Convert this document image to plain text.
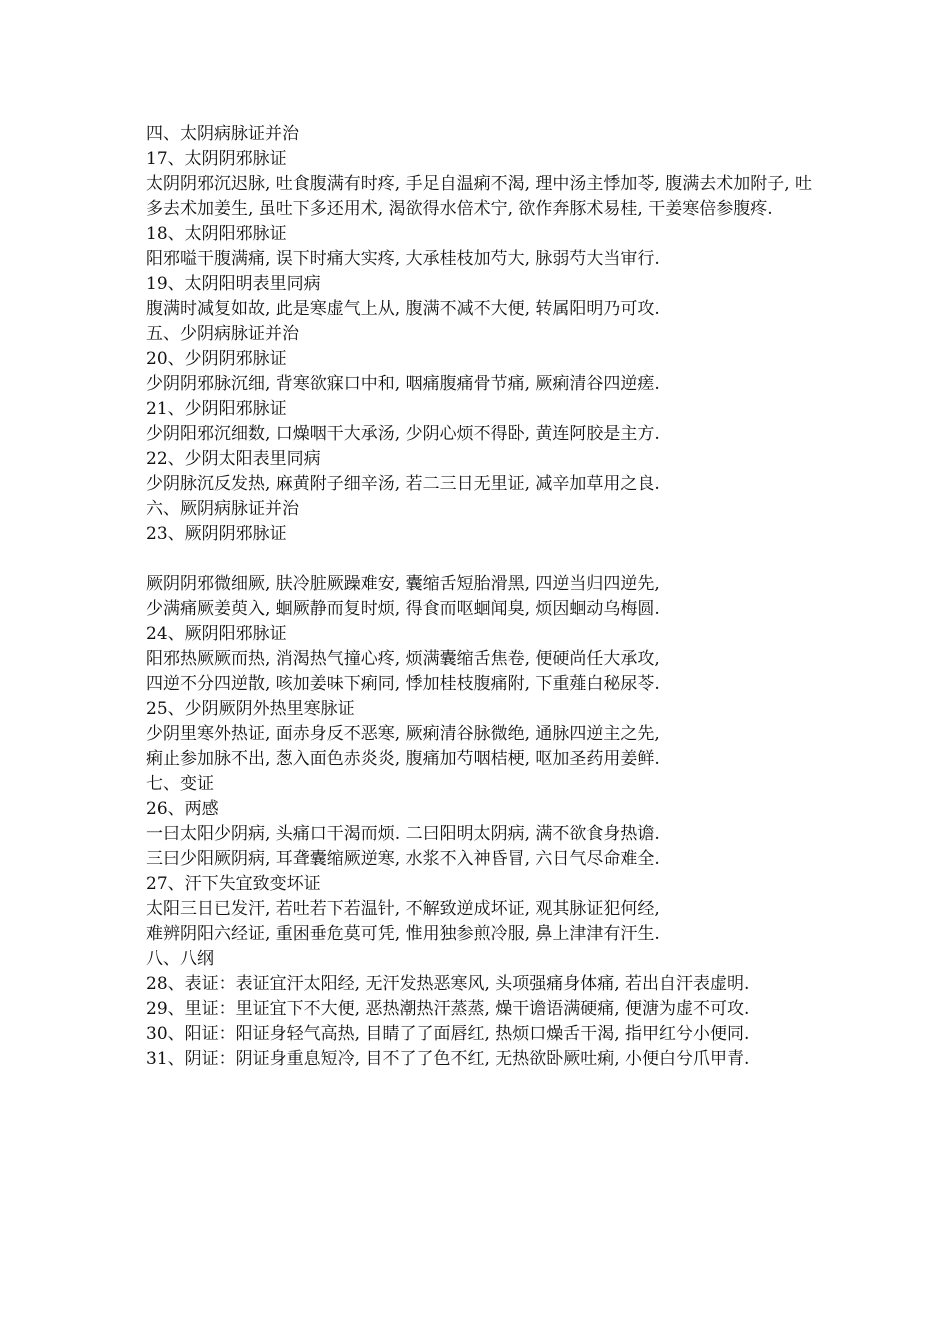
四、太阴病脉证并治

17、太阴阴邪脉证

太阴阴邪沉迟脉, 吐食腹满有时疼, 手足自温痢不渴, 理中汤主悸加苓, 腹满去术加附子, 吐多去术加姜生, 虽吐下多还用术, 渴欲得水倍术宁, 欲作奔豚术易桂, 干姜寒倍参腹疼.

18、太阴阳邪脉证

阳邪嗌干腹满痛, 误下时痛大实疼, 大承桂枝加芍大, 脉弱芍大当审行.

19、太阴阳明表里同病

腹满时减复如故, 此是寒虚气上从, 腹满不减不大便, 转属阳明乃可攻.

五、少阴病脉证并治

20、少阴阴邪脉证

少阴阴邪脉沉细, 背寒欲寐口中和, 咽痛腹痛骨节痛, 厥痢清谷四逆瘥.

21、少阴阳邪脉证

少阴阳邪沉细数, 口燥咽干大承汤, 少阴心烦不得卧, 黄连阿胶是主方.

22、少阴太阳表里同病

少阴脉沉反发热, 麻黄附子细辛汤, 若二三日无里证, 减辛加草用之良.

六、厥阴病脉证并治

23、厥阴阴邪脉证

厥阴阴邪微细厥, 肤冷脏厥躁难安, 囊缩舌短胎滑黑, 四逆当归四逆先,

少满痛厥姜萸入, 蛔厥静而复时烦, 得食而呕蛔闻臭, 烦因蛔动乌梅圆.

24、厥阴阳邪脉证

阳邪热厥厥而热, 消渴热气撞心疼, 烦满囊缩舌焦卷, 便硬尚任大承攻,

四逆不分四逆散, 咳加姜味下痢同, 悸加桂枝腹痛附, 下重薤白秘尿苓.

25、少阴厥阴外热里寒脉证

少阴里寒外热证, 面赤身反不恶寒, 厥痢清谷脉微绝, 通脉四逆主之先,

痢止参加脉不出, 葱入面色赤炎炎, 腹痛加芍咽桔梗, 呕加圣药用姜鲜.

七、变证

26、两感

一曰太阳少阴病, 头痛口干渴而烦. 二曰阳明太阴病, 满不欲食身热谵.

三曰少阳厥阴病, 耳聋囊缩厥逆寒, 水浆不入神昏冒, 六日气尽命难全.

27、汗下失宜致变坏证

太阳三日已发汗, 若吐若下若温针, 不解致逆成坏证, 观其脉证犯何经,

难辨阴阳六经证, 重困垂危莫可凭, 惟用独参煎冷服, 鼻上津津有汗生.

八、八纲

28、表证：表证宜汗太阳经, 无汗发热恶寒风, 头项强痛身体痛, 若出自汗表虚明.

29、里证：里证宜下不大便, 恶热潮热汗蒸蒸, 燥干谵语满硬痛, 便溏为虚不可攻.

30、阳证：阳证身轻气高热, 目睛了了面唇红, 热烦口燥舌干渴, 指甲红兮小便同.

31、阴证：阴证身重息短冷, 目不了了色不红, 无热欲卧厥吐痢, 小便白兮爪甲青.
